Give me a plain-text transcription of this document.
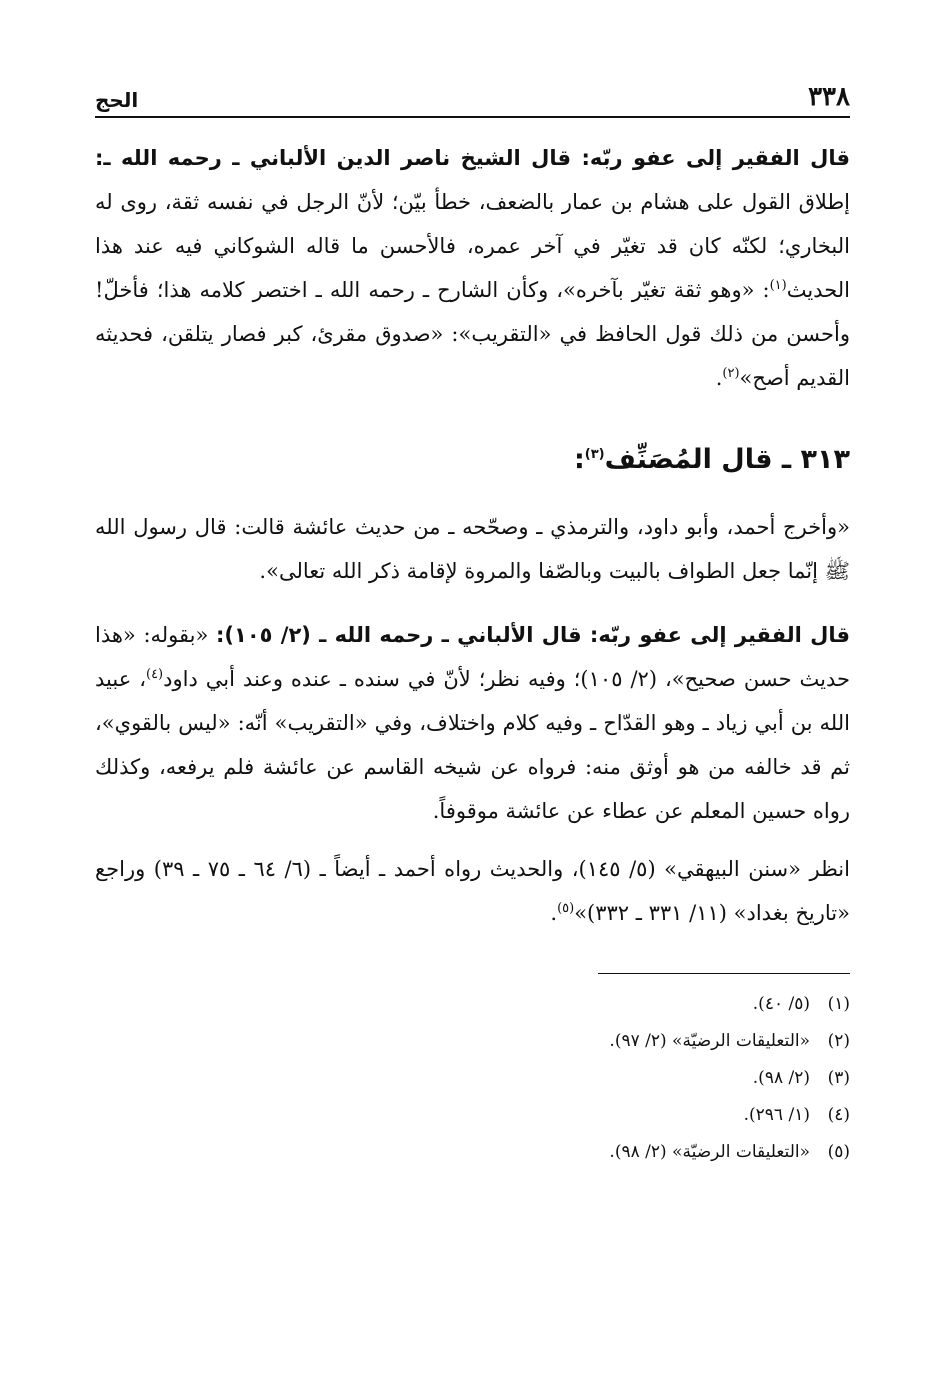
٣٣٨
الحج

قال الفقير إلى عفو ربّه: قال الشيخ ناصر الدين الألباني ـ رحمه الله ـ: إطلاق القول على هشام بن عمار بالضعف، خطأ بيّن؛ لأنّ الرجل في نفسه ثقة، روى له البخاري؛ لكنّه كان قد تغيّر في آخر عمره، فالأحسن ما قاله الشوكاني فيه عند هذا الحديث$^{(١)}$: «وهو ثقة تغيّر بآخره»، وكأن الشارح ـ رحمه الله ـ اختصر كلامه هذا؛ فأخلّ! وأحسن من ذلك قول الحافظ في «التقريب»: «صدوق مقرئ، كبر فصار يتلقن، فحديثه القديم أصح»$^{(٢)}$.

٣١٣ ـ قال المُصَنِّف$^{(٣)}$:

«وأخرج أحمد، وأبو داود، والترمذي ـ وصحّحه ـ من حديث عائشة قالت: قال رسول الله ﷺ إنّما جعل الطواف بالبيت وبالصّفا والمروة لإقامة ذكر الله تعالى».

قال الفقير إلى عفو ربّه: قال الألباني ـ رحمه الله ـ (٢/ ١٠٥): «بقوله: «هذا حديث حسن صحيح»، (٢/ ١٠٥)؛ وفيه نظر؛ لأنّ في سنده ـ عنده وعند أبي داود$^{(٤)}$، عبيد الله بن أبي زياد ـ وهو القدّاح ـ وفيه كلام واختلاف، وفي «التقريب» أنّه: «ليس بالقوي»، ثم قد خالفه من هو أوثق منه: فرواه عن شيخه القاسم عن عائشة فلم يرفعه، وكذلك رواه حسين المعلم عن عطاء عن عائشة موقوفاً.

انظر «سنن البيهقي» (٥/ ١٤٥)، والحديث رواه أحمد ـ أيضاً ـ (٦/ ٦٤ ـ ٧٥ ـ ٣٩) وراجع «تاريخ بغداد» (١١/ ٣٣١ ـ ٣٣٢)»$^{(٥)}$.

(١)
(٥/ ٤٠).
(٢)
«التعليقات الرضيّة» (٢/ ٩٧).
(٣)
(٢/ ٩٨).
(٤)
(١/ ٢٩٦).
(٥)
«التعليقات الرضيّة» (٢/ ٩٨).
